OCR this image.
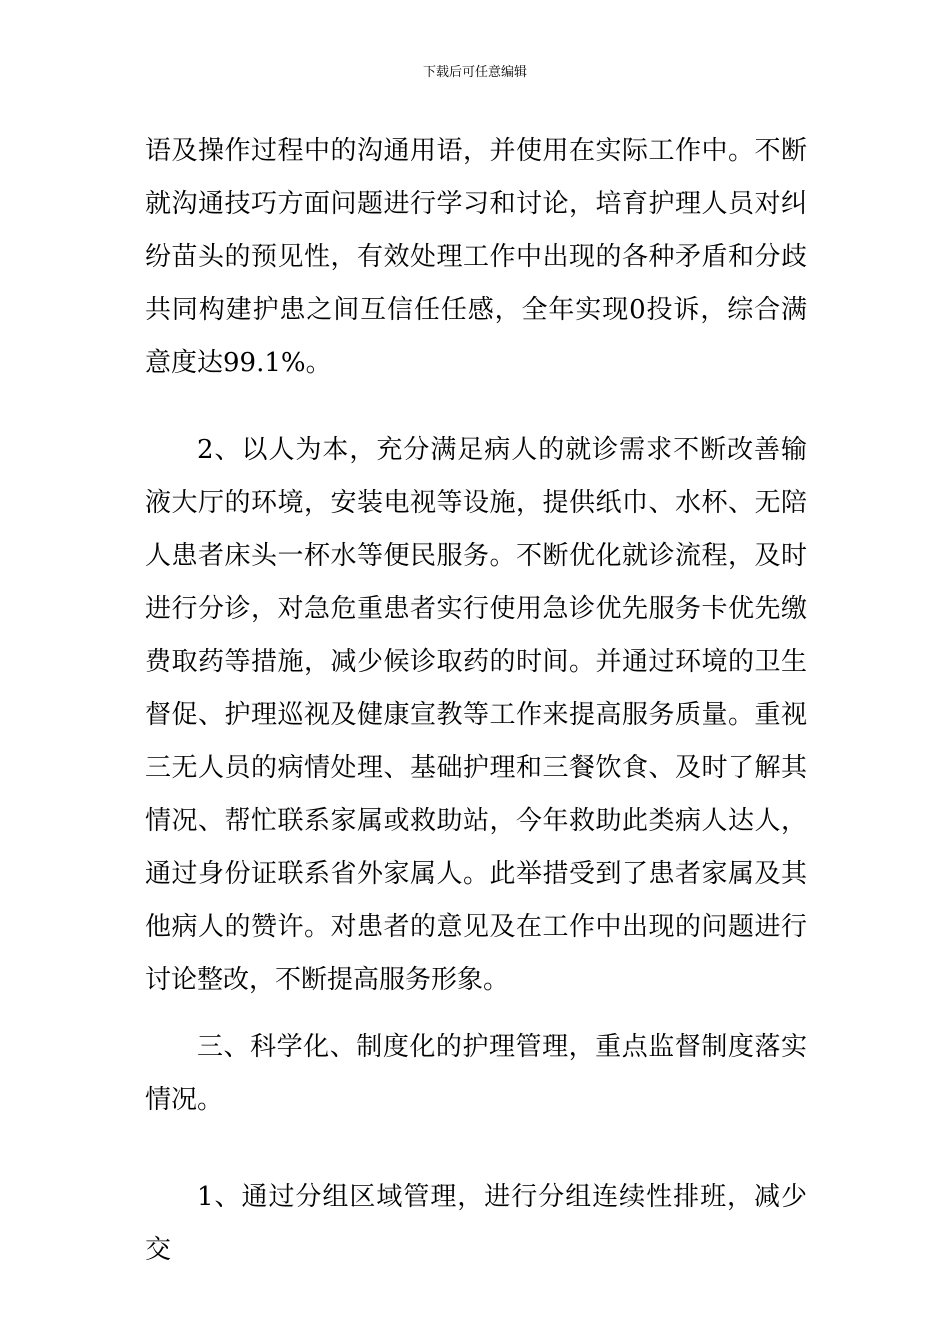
下载后可任意编辑

语及操作过程中的沟通用语，并使用在实际工作中。不断就沟通技巧方面问题进行学习和讨论，培育护理人员对纠纷苗头的预见性，有效处理工作中出现的各种矛盾和分歧共同构建护患之间互信任任感，全年实现0投诉，综合满意度达99.1%。

2、以人为本，充分满足病人的就诊需求不断改善输液大厅的环境，安装电视等设施，提供纸巾、水杯、无陪人患者床头一杯水等便民服务。不断优化就诊流程，及时进行分诊，对急危重患者实行使用急诊优先服务卡优先缴费取药等措施，减少候诊取药的时间。并通过环境的卫生督促、护理巡视及健康宣教等工作来提高服务质量。重视三无人员的病情处理、基础护理和三餐饮食、及时了解其情况、帮忙联系家属或救助站，今年救助此类病人达人，通过身份证联系省外家属人。此举措受到了患者家属及其他病人的赞许。对患者的意见及在工作中出现的问题进行讨论整改，不断提高服务形象。

三、科学化、制度化的护理管理，重点监督制度落实情况。

1、通过分组区域管理，进行分组连续性排班，减少交
